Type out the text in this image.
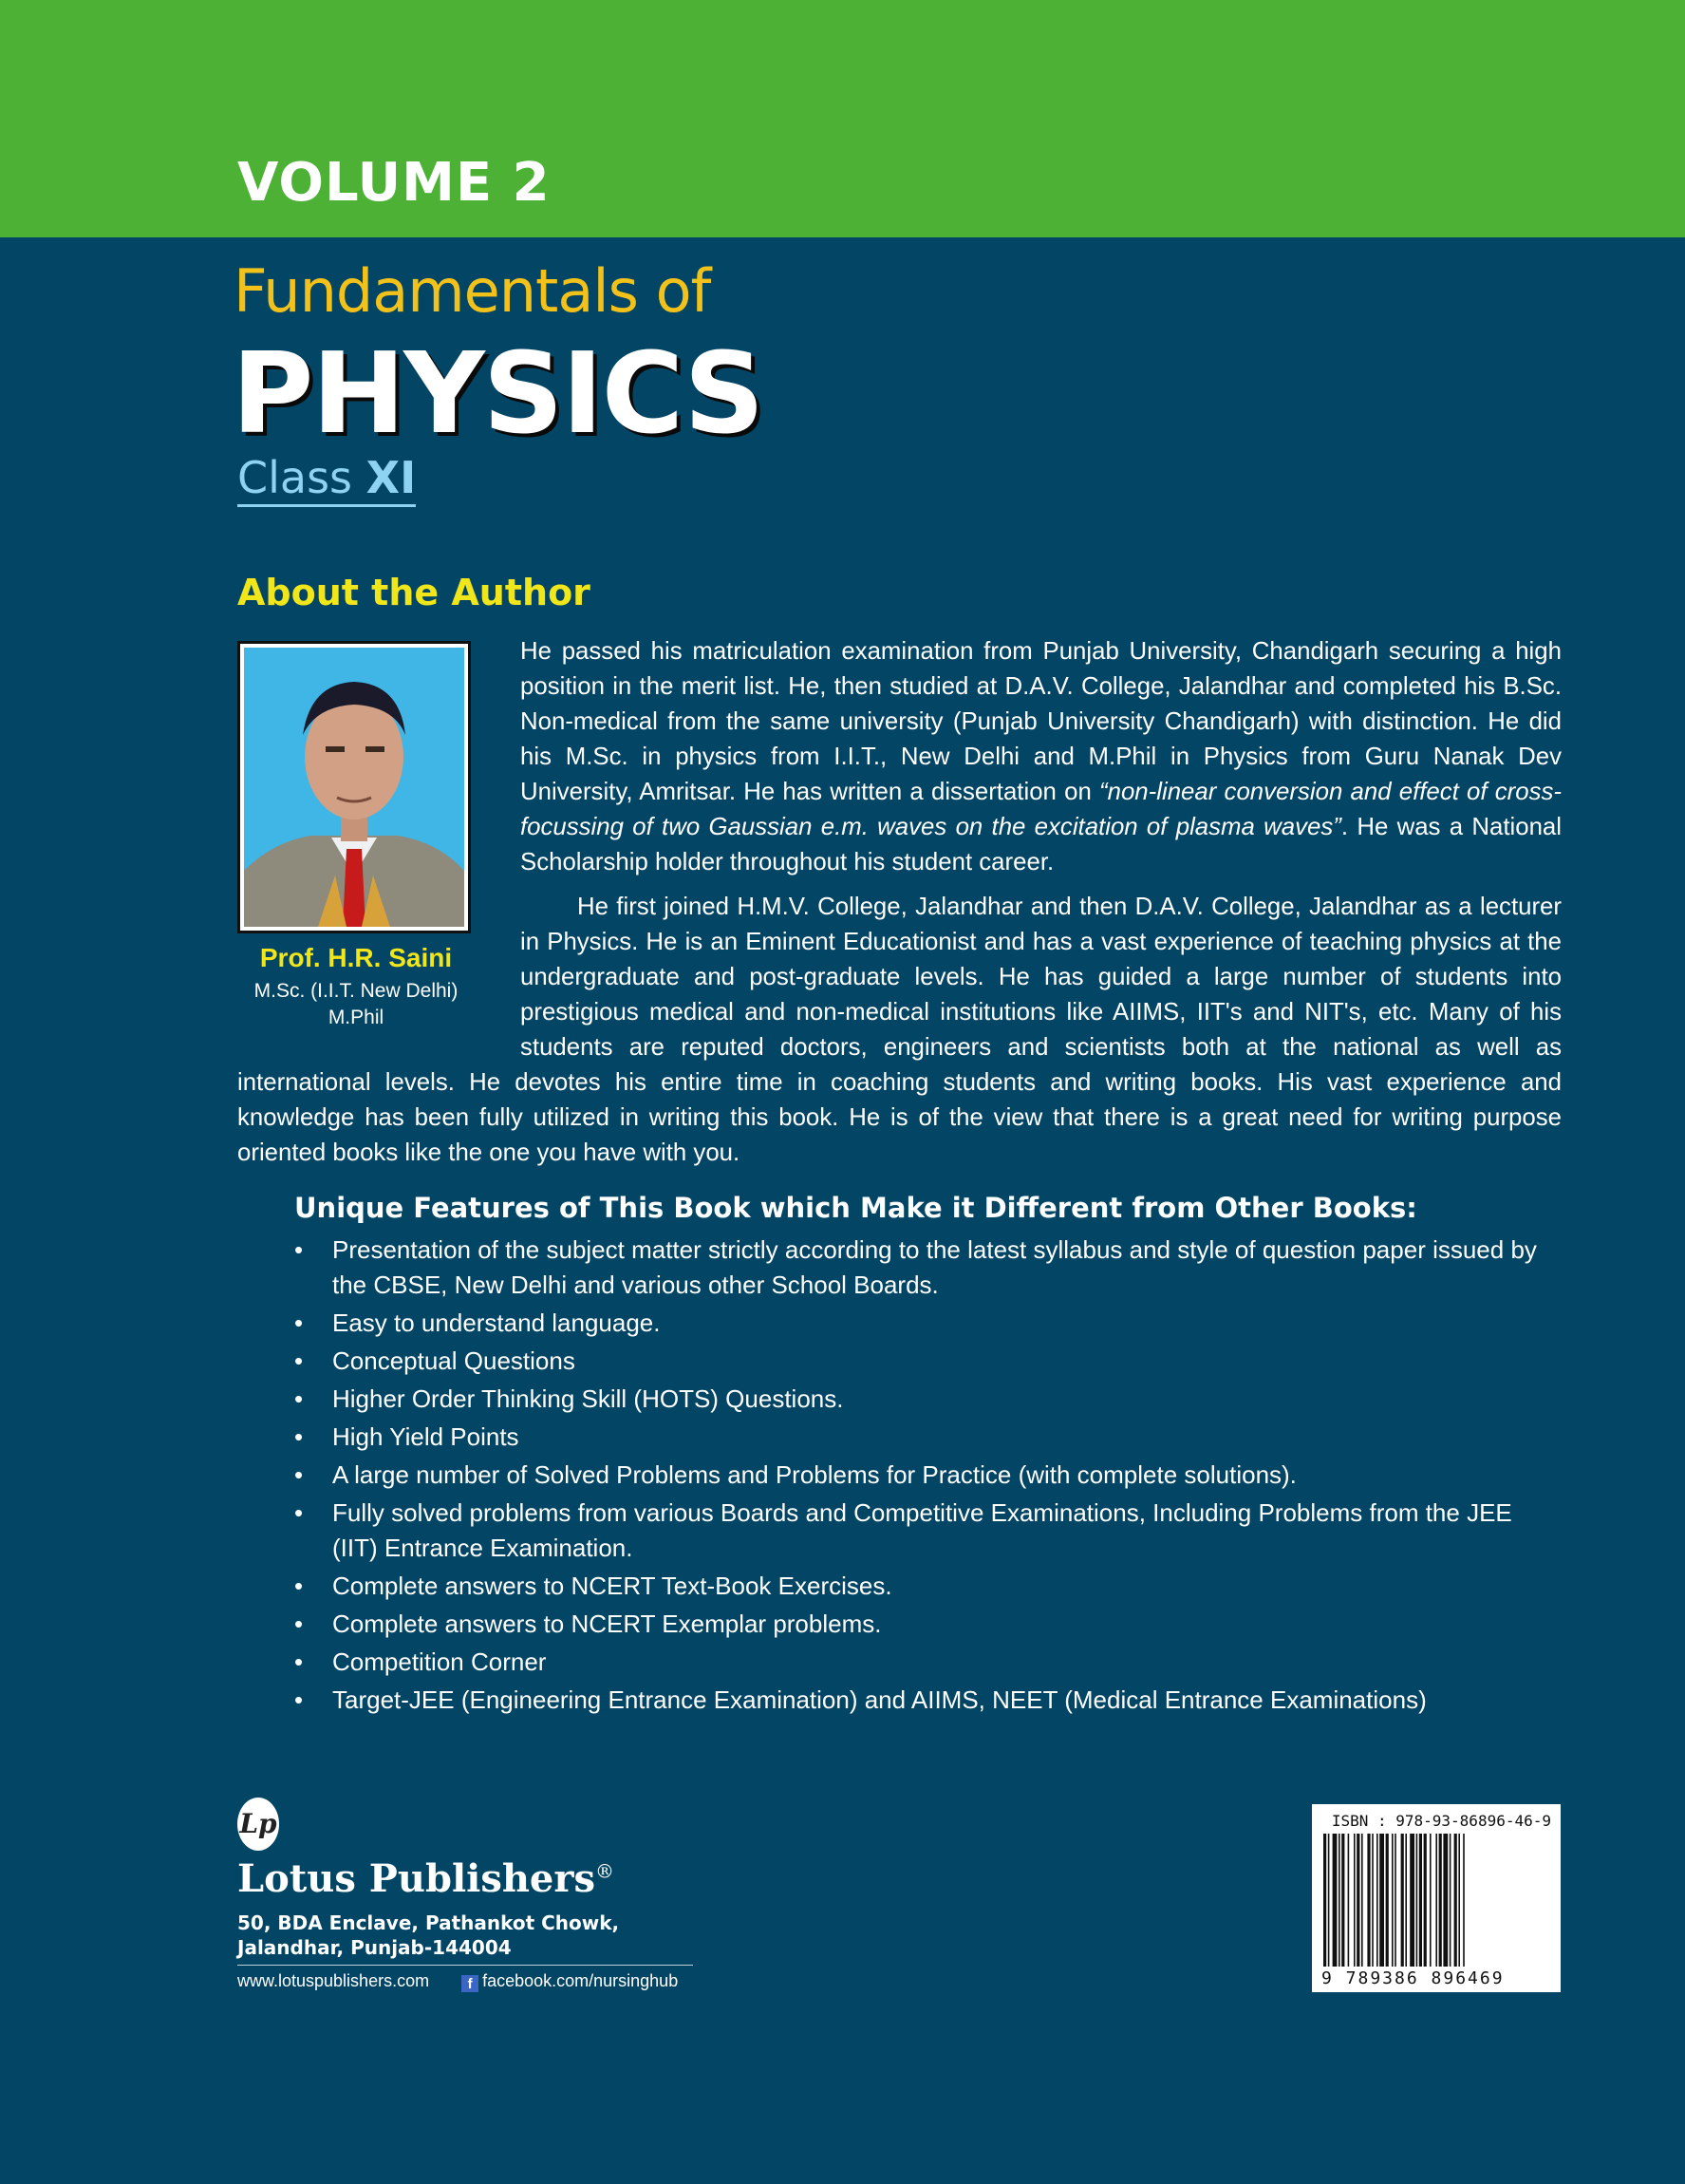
VOLUME 2
Fundamentals of
PHYSICS
Class XI
About the Author
Prof. H.R. Saini
M.Sc. (I.I.T. New Delhi)
M.Phil

He passed his matriculation examination from Punjab University, Chandigarh securing a high position in the merit list. He, then studied at D.A.V. College, Jalandhar and completed his B.Sc. Non-medical from the same university (Punjab University Chandigarh) with distinction. He did his M.Sc. in physics from I.I.T., New Delhi and M.Phil in Physics from Guru Nanak Dev University, Amritsar. He has written a dissertation on “non-linear conversion and effect of cross-focussing of two Gaussian e.m. waves on the excitation of plasma waves”. He was a National Scholarship holder throughout his student career.

He first joined H.M.V. College, Jalandhar and then D.A.V. College, Jalandhar as a lecturer in Physics. He is an Eminent Educationist and has a vast experience of teaching physics at the undergraduate and post-graduate levels. He has guided a large number of students into prestigious medical and non-medical institutions like AIIMS, IIT's and NIT's, etc. Many of his students are reputed doctors, engineers and scientists both at the national as well as international levels. He devotes his entire time in coaching students and writing books. His vast experience and knowledge has been fully utilized in writing this book. He is of the view that there is a great need for writing purpose oriented books like the one you have with you.

Unique Features of This Book which Make it Different from Other Books:
• Presentation of the subject matter strictly according to the latest syllabus and style of question paper issued by the CBSE, New Delhi and various other School Boards.
• Easy to understand language.
• Conceptual Questions
• Higher Order Thinking Skill (HOTS) Questions.
• High Yield Points
• A large number of Solved Problems and Problems for Practice (with complete solutions).
• Fully solved problems from various Boards and Competitive Examinations, Including Problems from the JEE (IIT) Entrance Examination.
• Complete answers to NCERT Text-Book Exercises.
• Complete answers to NCERT Exemplar problems.
• Competition Corner
• Target-JEE (Engineering Entrance Examination) and AIIMS, NEET (Medical Entrance Examinations)
Lp
Lotus Publishers®
50, BDA Enclave, Pathankot Chowk,
Jalandhar, Punjab-144004
www.lotuspublishers.com	f facebook.com/nursinghub
ISBN : 978-93-86896-46-9
9 789386 896469
